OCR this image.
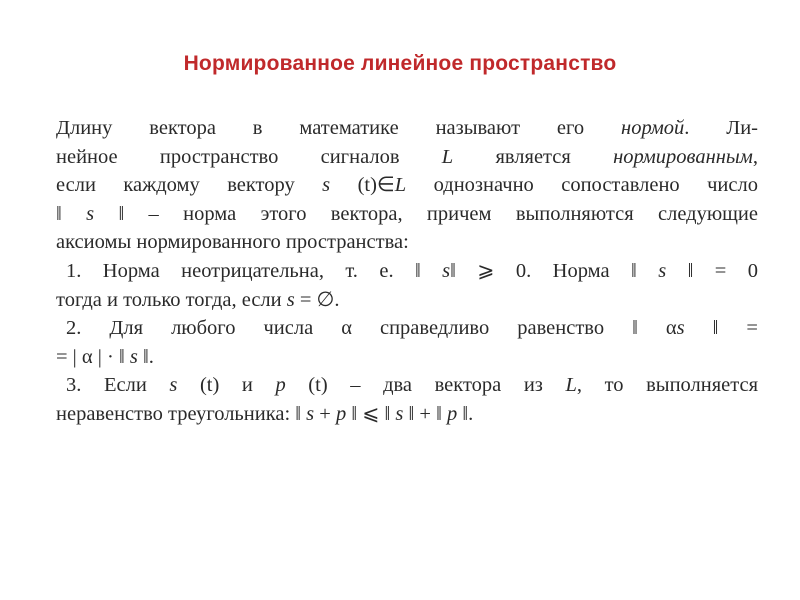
Нормированное линейное пространство
Длину вектора в математике называют его нормой. Ли-
нейное пространство сигналов L является нормированным,
если каждому вектору s (t)∈L однозначно сопоставлено число
‖ s ‖ – норма этого вектора, причем выполняются следующие
аксиомы нормированного пространства:
1. Норма неотрицательна, т. е. ‖ s‖ ⩾ 0. Норма ‖ s ‖ = 0
тогда и только тогда, если s = ∅.
2. Для любого числа α справедливо равенство ‖ αs ‖ =
= | α | · ‖ s ‖.
3. Если s (t) и p (t) – два вектора из L, то выполняется
неравенство треугольника: ‖ s + p ‖ ⩽ ‖ s ‖ + ‖ p ‖.
